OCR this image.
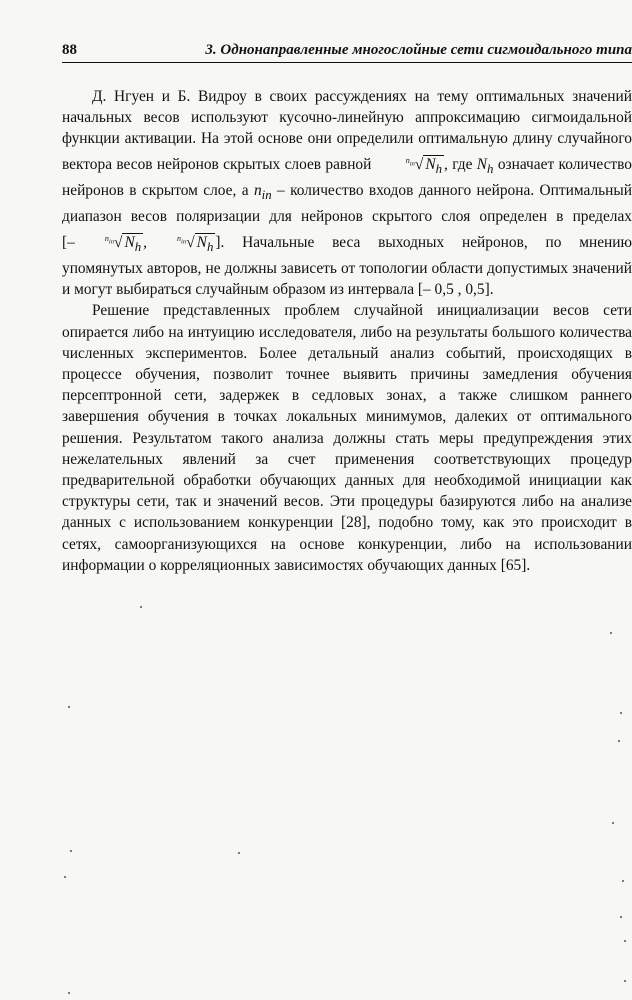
88	3. Однонаправленные многослойные сети сигмоидального типа

Д. Нгуен и Б. Видроу в своих рассуждениях на тему оптимальных значений начальных весов используют кусочно-линейную аппроксимацию сигмоидальной функции активации. На этой основе они определили оптимальную длину случайного вектора весов нейронов скрытых слоев равной	$^{n_{in}}$√ $N_h$ , где $N_h$ означает количество нейронов в скрытом слое, а $n_{in}$ – количество входов данного нейрона. Оптимальный диапазон весов поляризации для нейронов скрытого слоя определен в пределах [–	$^{n_{in}}$√ $N_h$ ,	$^{n_{in}}$√ $N_h$ ]. Начальные веса выходных нейронов, по мнению упомянутых авторов, не должны зависеть от топологии области допустимых значений и могут выбираться случайным образом из интервала [– 0,5 , 0,5].

Решение представленных проблем случайной инициализации весов сети опирается либо на интуицию исследователя, либо на результаты большого количества численных экспериментов. Более детальный анализ событий, происходящих в процессе обучения, позволит точнее выявить причины замедления обучения персептронной сети, задержек в седловых зонах, а также слишком раннего завершения обучения в точках локальных минимумов, далеких от оптимального решения. Результатом такого анализа должны стать меры предупреждения этих нежелательных явлений за счет применения соответствующих процедур предварительной обработки обучающих данных для необходимой инициации как структуры сети, так и значений весов. Эти процедуры базируются либо на анализе данных с использованием конкуренции [28], подобно тому, как это происходит в сетях, самоорганизующихся на основе конкуренции, либо на использовании информации о корреляционных зависимостях обучающих данных [65].
